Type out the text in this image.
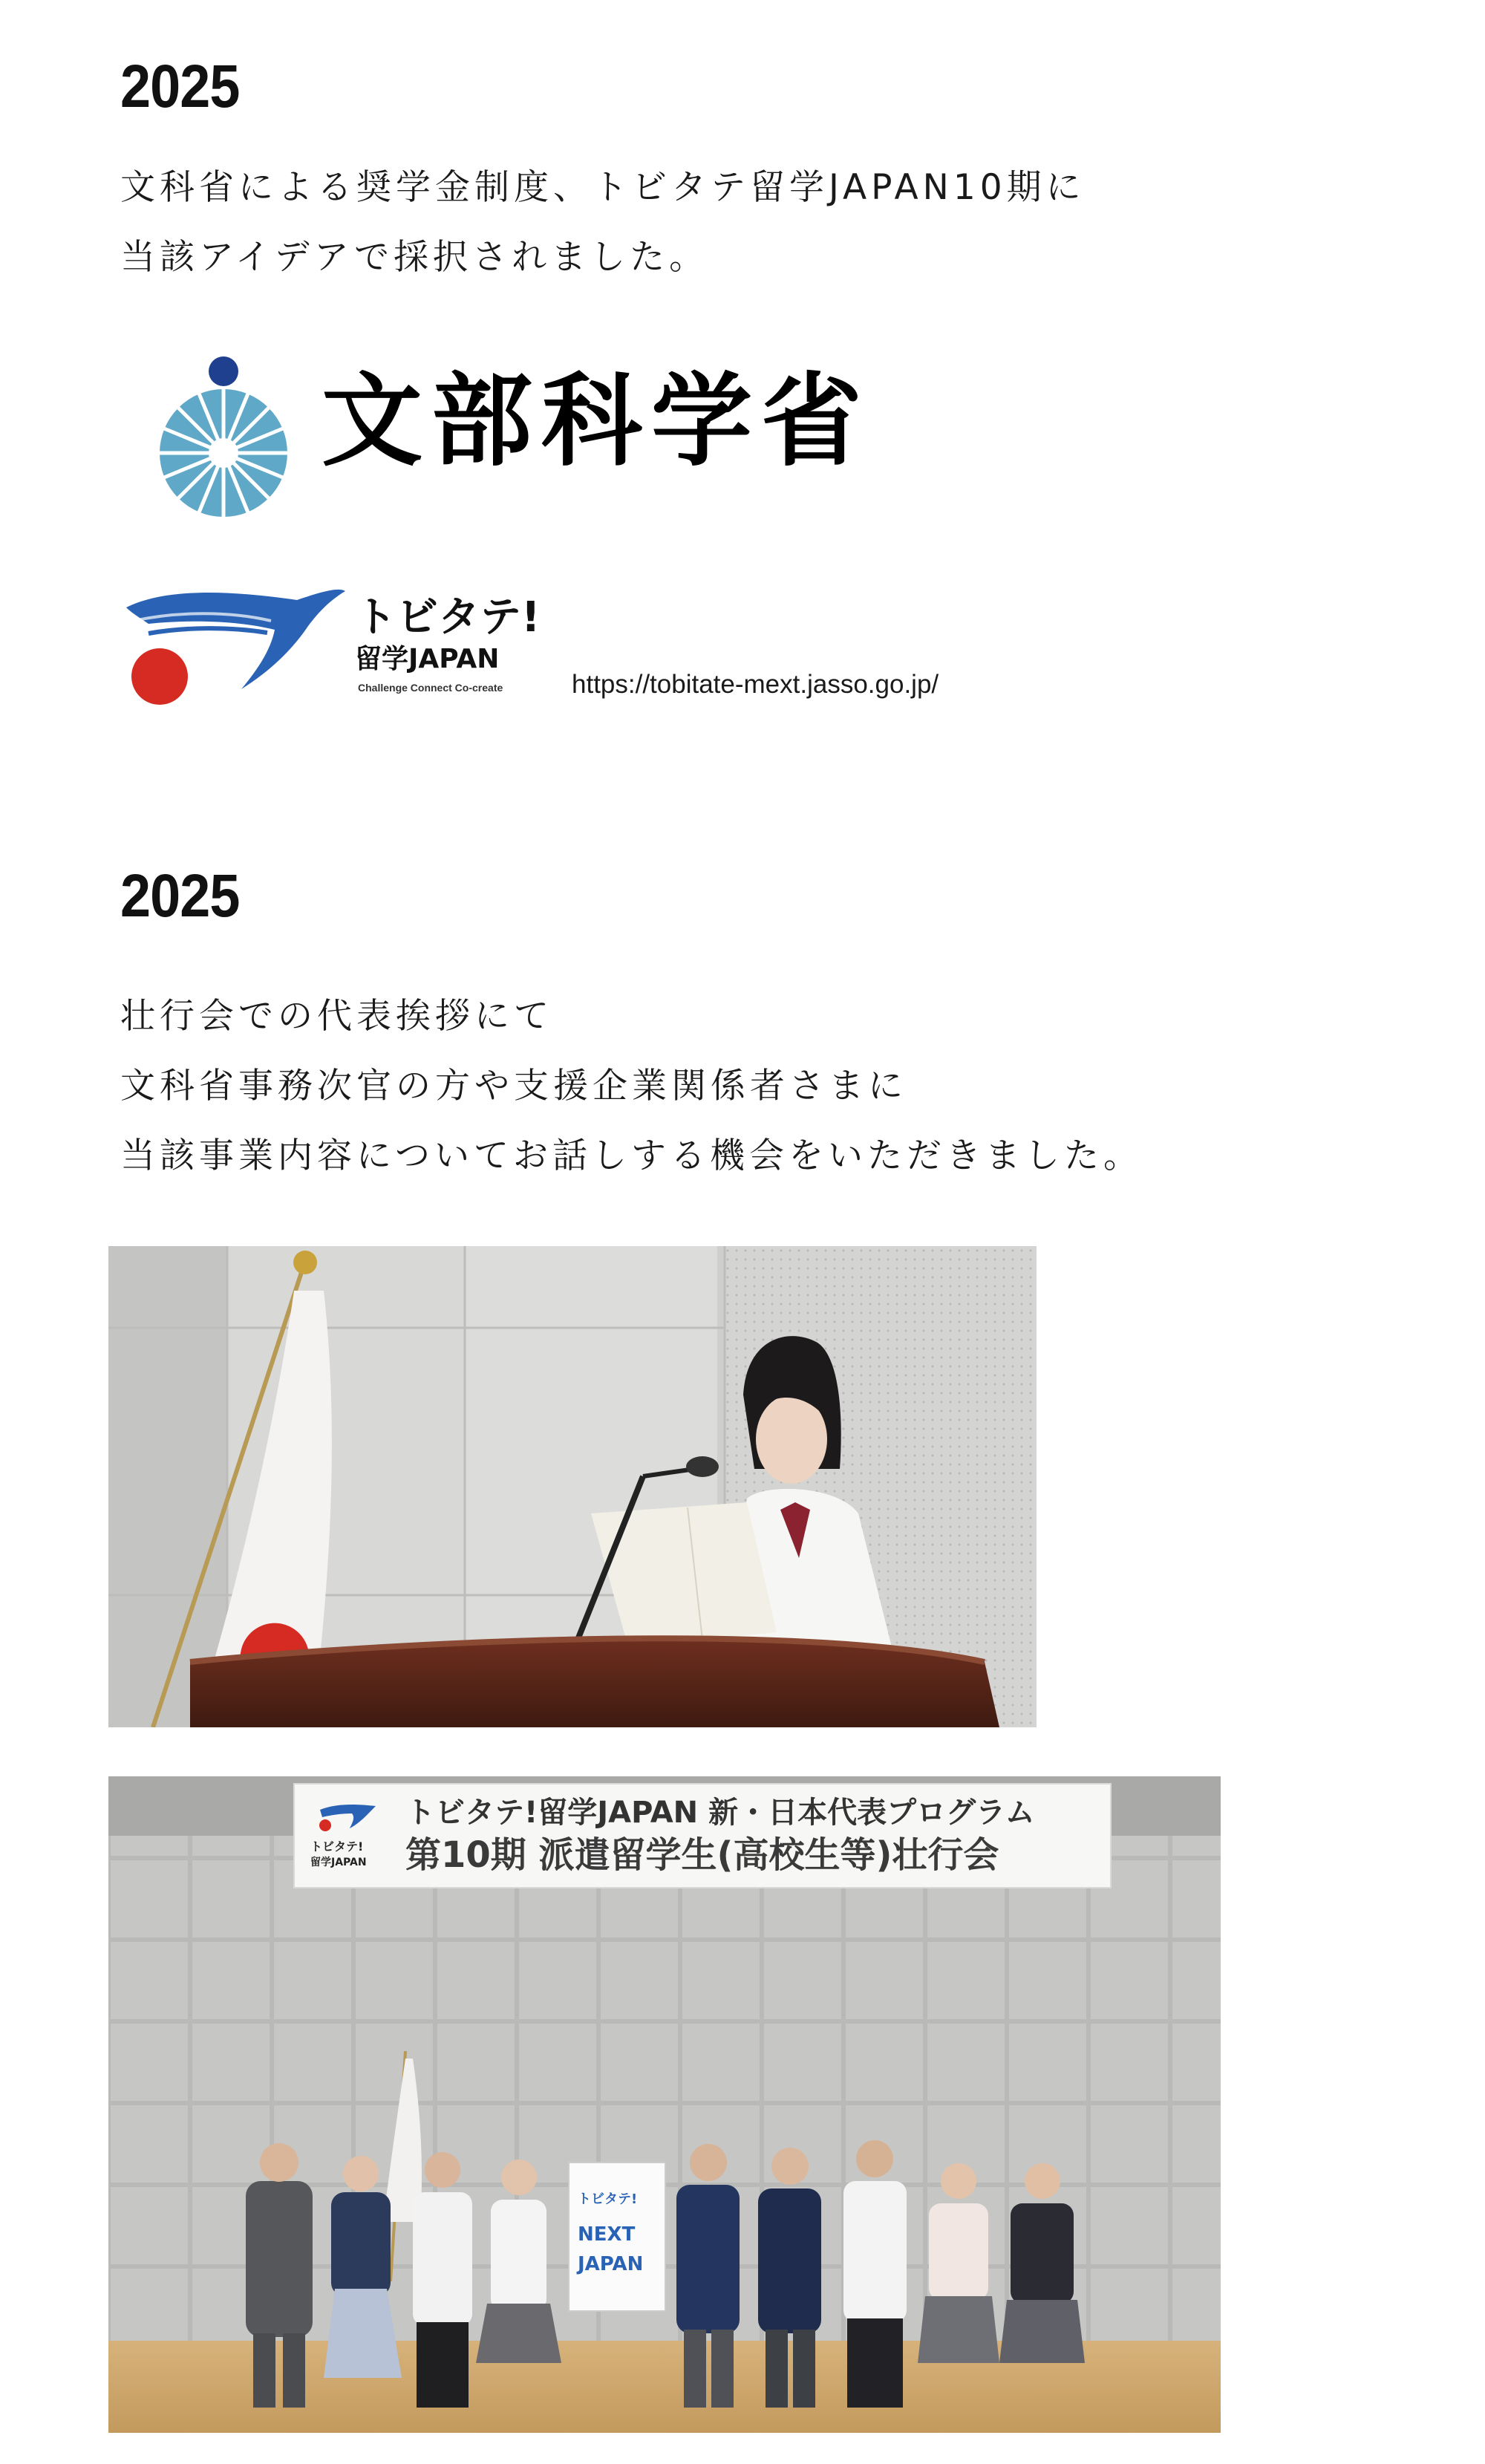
2025
文科省による奨学金制度、トビタテ留学JAPAN10期に
当該アイデアで採択されました。
文部科学省
トビタテ!
留学JAPAN
Challenge Connect Co-create	https://tobitate-mext.jasso.go.jp/
2025
壮行会での代表挨拶にて
文科省事務次官の方や支援企業関係者さまに
当該事業内容についてお話しする機会をいただきました。
トビタテ!
留学JAPAN
トビタテ!留学JAPAN 新・日本代表プログラム
第10期 派遣留学生(高校生等)壮行会
トビタテ!
NEXT
JAPAN
